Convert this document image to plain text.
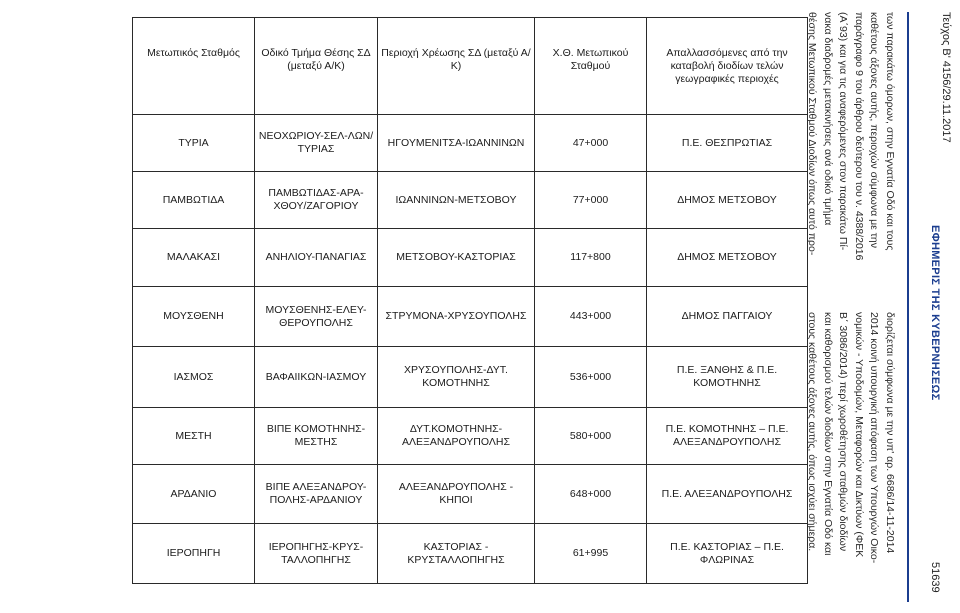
Μετωπικός Σταθμός	Οδικό Τμήμα Θέσης ΣΔ (μεταξύ Α/Κ)	Περιοχή Χρέωσης ΣΔ (μεταξύ Α/Κ)	Χ.Θ. Μετωπικού Σταθμού	Απαλλασσόμενες από την καταβολή διοδίων τελών γεωγραφικές περιοχές
ΤΥΡΙΑ	ΝΕΟΧΩΡΙΟΥ-ΣΕΛ-ΛΩΝ/ΤΥΡΙΑΣ	ΗΓΟΥΜΕΝΙΤΣΑ-ΙΩΑΝΝΙΝΩΝ	47+000	Π.Ε. ΘΕΣΠΡΩΤΙΑΣ
ΠΑΜΒΩΤΙΔΑ	ΠΑΜΒΩΤΙΔΑΣ-ΑΡΑ-ΧΘΟΥ/ΖΑΓΟΡΙΟΥ	ΙΩΑΝΝΙΝΩΝ-ΜΕΤΣΟΒΟΥ	77+000	ΔΗΜΟΣ ΜΕΤΣΟΒΟΥ
ΜΑΛΑΚΑΣΙ	ΑΝΗΛΙΟΥ-ΠΑΝΑΓΙΑΣ	ΜΕΤΣΟΒΟΥ-ΚΑΣΤΟΡΙΑΣ	117+800	ΔΗΜΟΣ ΜΕΤΣΟΒΟΥ
ΜΟΥΣΘΕΝΗ	ΜΟΥΣΘΕΝΗΣ-ΕΛΕΥ-ΘΕΡΟΥΠΟΛΗΣ	ΣΤΡΥΜΟΝΑ-ΧΡΥΣΟΥΠΟΛΗΣ	443+000	ΔΗΜΟΣ ΠΑΓΓΑΙΟΥ
ΙΑΣΜΟΣ	ΒΑΦΑΙΙΚΩΝ-ΙΑΣΜΟΥ	ΧΡΥΣΟΥΠΟΛΗΣ-ΔΥΤ. ΚΟΜΟΤΗΝΗΣ	536+000	Π.Ε. ΞΑΝΘΗΣ & Π.Ε. ΚΟΜΟΤΗΝΗΣ
ΜΕΣΤΗ	ΒΙΠΕ ΚΟΜΟΤΗΝΗΣ-ΜΕΣΤΗΣ	ΔΥΤ.ΚΟΜΟΤΗΝΗΣ-ΑΛΕΞΑΝΔΡΟΥΠΟΛΗΣ	580+000	Π.Ε. ΚΟΜΟΤΗΝΗΣ – Π.Ε. ΑΛΕΞΑΝΔΡΟΥΠΟΛΗΣ
ΑΡΔΑΝΙΟ	ΒΙΠΕ ΑΛΕΞΑΝΔΡΟΥ-ΠΟΛΗΣ-ΑΡΔΑΝΙΟΥ	ΑΛΕΞΑΝΔΡΟΥΠΟΛΗΣ - ΚΗΠΟΙ	648+000	Π.Ε. ΑΛΕΞΑΝΔΡΟΥΠΟΛΗΣ
ΙΕΡΟΠΗΓΗ	ΙΕΡΟΠΗΓΗΣ-ΚΡΥΣ-ΤΑΛΛΟΠΗΓΗΣ	ΚΑΣΤΟΡΙΑΣ - ΚΡΥΣΤΑΛΛΟΠΗΓΗΣ	61+995	Π.Ε. ΚΑΣΤΟΡΙΑΣ – Π.Ε. ΦΛΩΡΙΝΑΣ
Τεύχος Β' 4156/29.11.2017
ΕΦΗΜΕΡΙΣ ΤΗΣ ΚΥΒΕΡΝΗΣΕΩΣ
51639
των παρακάτω όμορων, στην Εγνατία Οδό και τους
καθέτους άξονες αυτής, περιοχών σύμφωνα με την
παράγραφο 9 του άρθρου δεύτερου του ν. 4388/2016
(Α΄93) και για τις αναφερόμενες στον παρακάτω Πί-
νακα διαδρομές μετακινήσεις ανά οδικό τμήμα
θέσης Μετωπικού Σταθμού Διοδίων όπως αυτό προ-
διορίζεται σύμφωνα με την υπ' αρ. 6686/14-11-2014
2014 κοινή υπουργική απόφαση των Υπουργών Οικο-
νομικών - Υποδομών, Μεταφορών και Δικτύων (ΦΕΚ
Β΄ 3086/2014) περί χωροθέτησης σταθμών διοδίων
και καθορισμού τελών διοδίων στην Εγνατία Οδό και
στους καθέτους άξονες αυτής, όπως ισχύει σήμερα.
